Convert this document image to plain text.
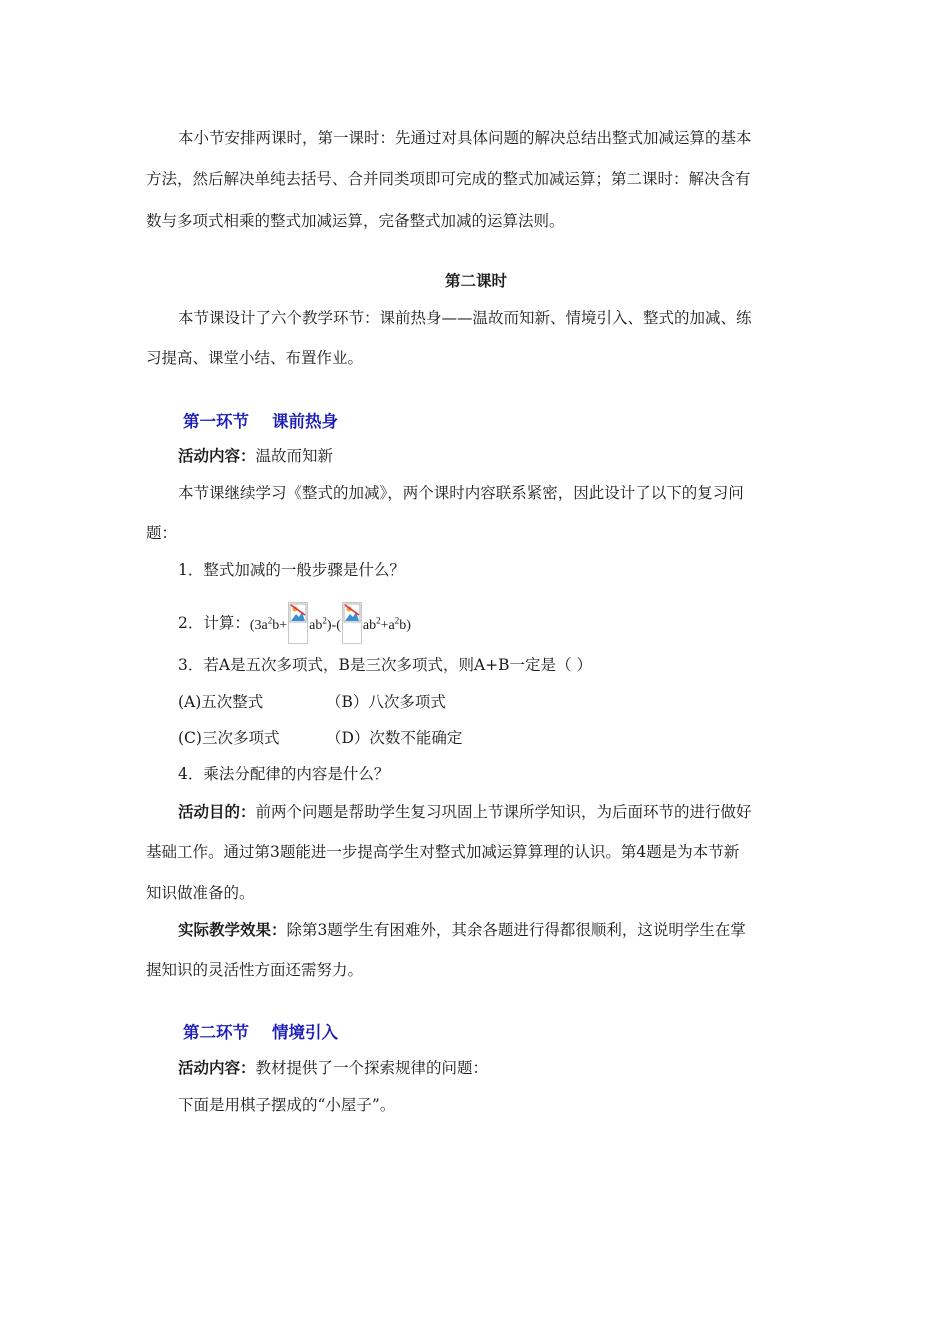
本小节安排两课时，第一课时：先通过对具体问题的解决总结出整式加减运算的基本

方法，然后解决单纯去括号、合并同类项即可完成的整式加减运算；第二课时：解决含有

数与多项式相乘的整式加减运算，完备整式加减的运算法则。

第二课时

本节课设计了六个教学环节：课前热身——温故而知新、情境引入、整式的加减、练

习提高、课堂小结、布置作业。

第一环节    课前热身

活动内容：温故而知新

本节课继续学习《整式的加减》，两个课时内容联系紧密，因此设计了以下的复习问

题：

1．整式加减的一般步骤是什么？

2．计算：$(3a^2b+ ab^2)-$( $ab^2+a^2b$)

3．若A是五次多项式，B是三次多项式，则A+B一定是（ ）

(A)五次整式	（B）八次多项式
(C)三次多项式	（D）次数不能确定

4．乘法分配律的内容是什么？

活动目的：前两个问题是帮助学生复习巩固上节课所学知识，为后面环节的进行做好

基础工作。通过第3题能进一步提高学生对整式加减运算算理的认识。第4题是为本节新

知识做准备的。

实际教学效果：除第3题学生有困难外，其余各题进行得都很顺利，这说明学生在掌

握知识的灵活性方面还需努力。

第二环节    情境引入

活动内容：教材提供了一个探索规律的问题：

下面是用棋子摆成的“小屋子”。
